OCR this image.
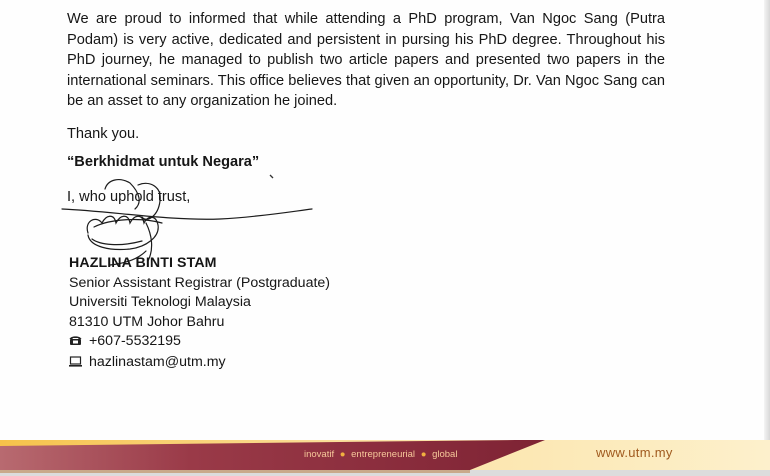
We are proud to informed that while attending a PhD program, Van Ngoc Sang (Putra Podam) is very active, dedicated and persistent in pursing his PhD degree. Throughout his PhD journey, he managed to publish two article papers and presented two papers in the international seminars. This office believes that given an opportunity, Dr. Van Ngoc Sang can be an asset to any organization he joined.
Thank you.
“Berkhidmat untuk Negara”
I, who uphold trust,
HAZLINA BINTI STAM
Senior Assistant Registrar (Postgraduate)
Universiti Teknologi Malaysia
81310 UTM Johor Bahru
+607-5532195
hazlinastam@utm.my
inovatif ● entrepreneurial ● global	www.utm.my
